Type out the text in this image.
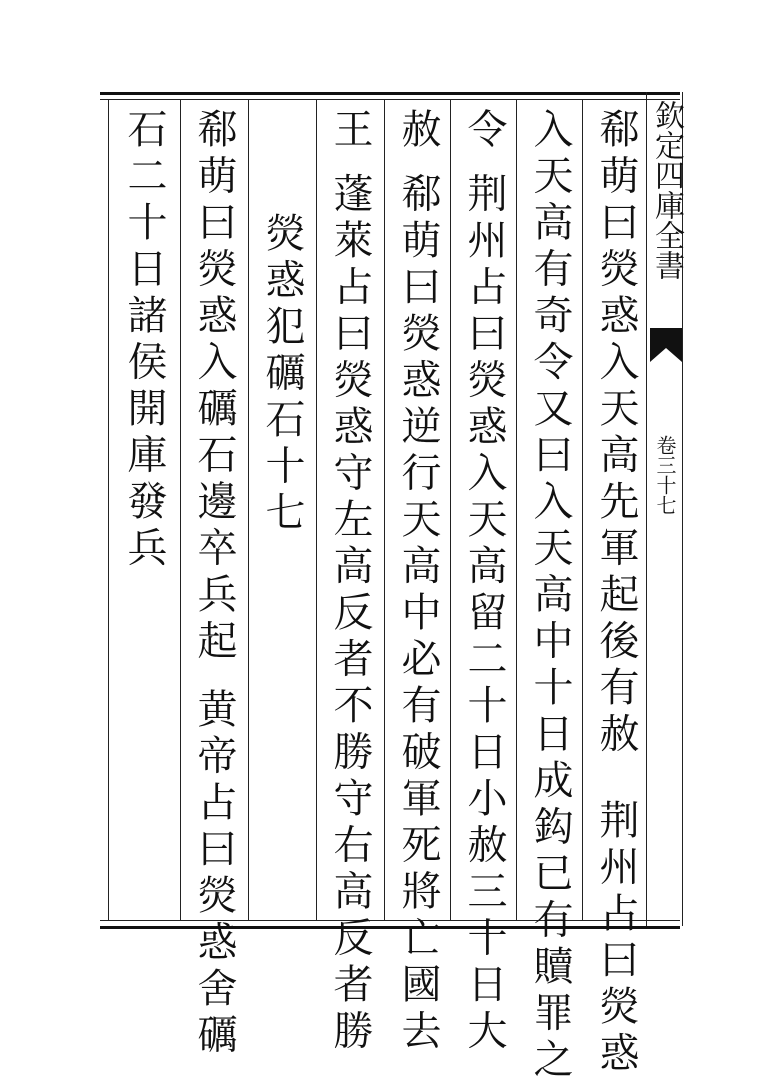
欽定四庫全書
卷三十七
郗萌曰熒惑入天高先軍起後有赦荆州占曰熒惑
入天高有奇令又曰入天高中十日成鈎已有贖罪之
令荆州占曰熒惑入天高留二十日小赦三十日大
赦郗萌曰熒惑逆行天高中必有破軍死將亡國去
王蓬萊占曰熒惑守左高反者不勝守右高反者勝
熒惑犯礪石十七
郗萌曰熒惑入礪石邊卒兵起黄帝占曰熒惑舍礪
石二十日諸侯開庫發兵
